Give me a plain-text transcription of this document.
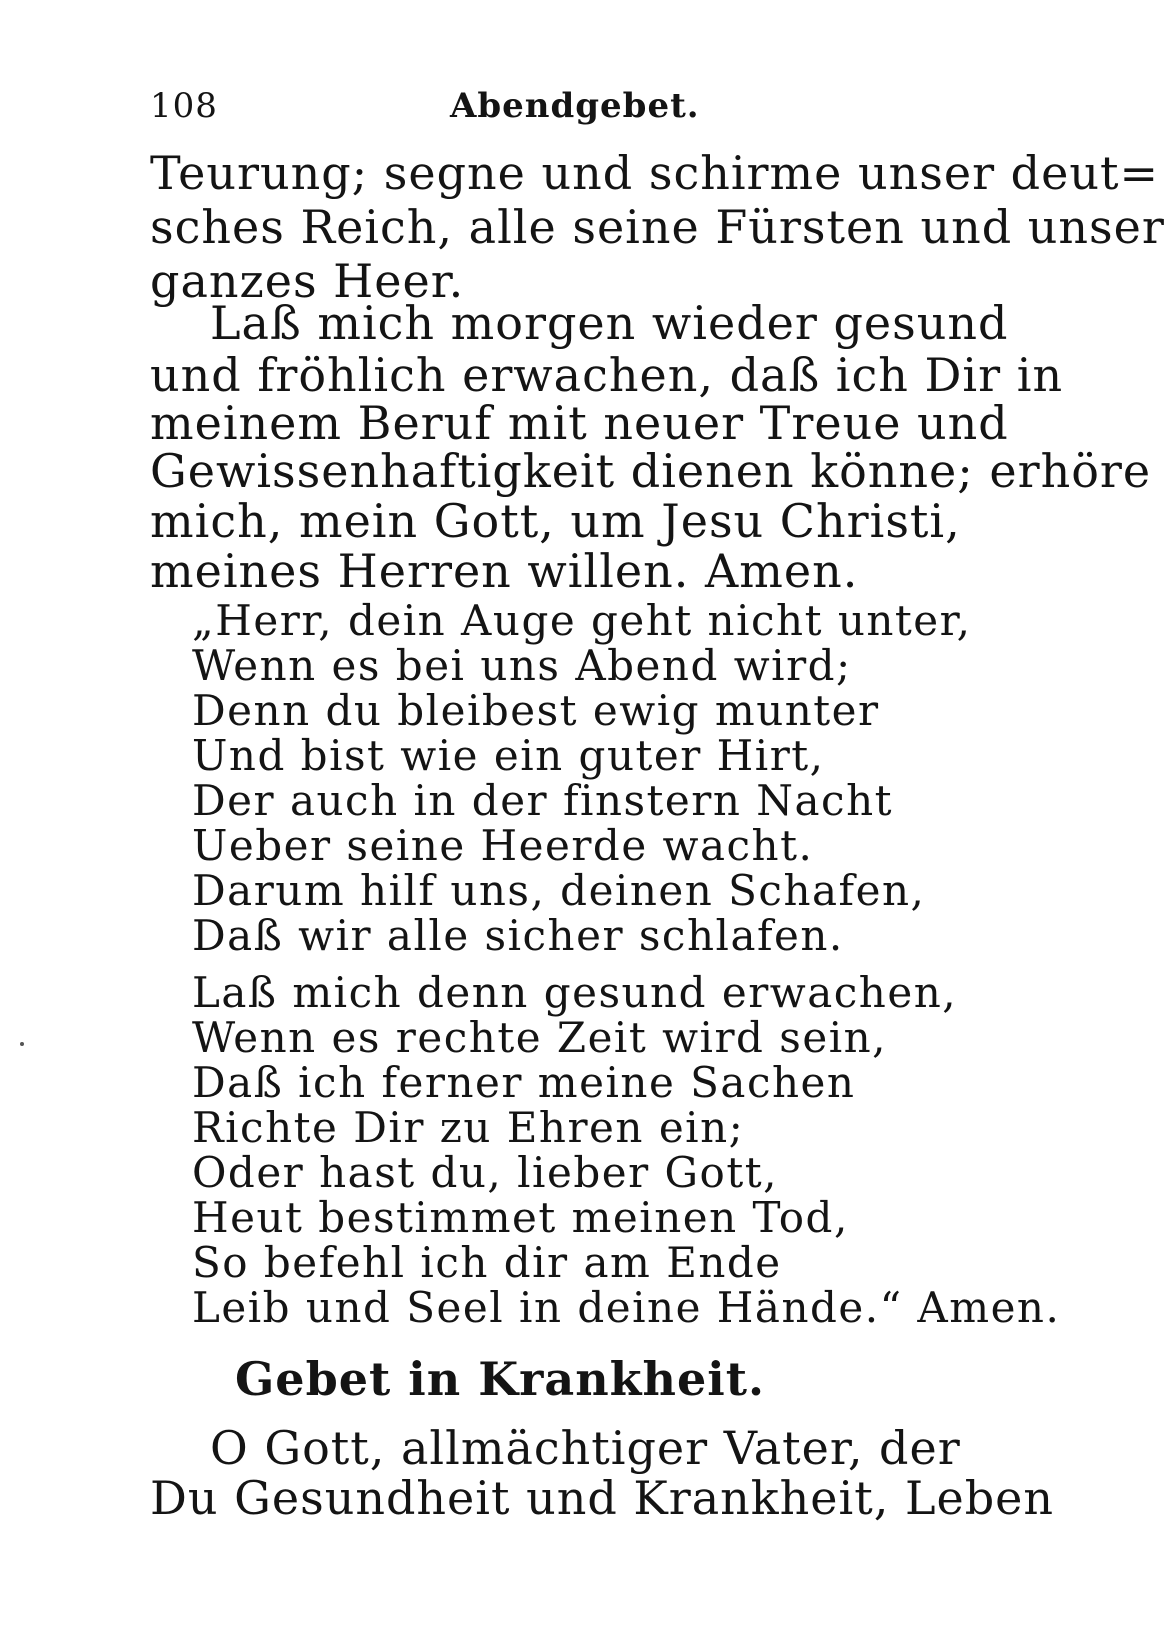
108	Abendgebet.
Teurung; segne und schirme unser deut=
sches Reich, alle seine Fürsten und unser
ganzes Heer.
Laß mich morgen wieder gesund
und fröhlich erwachen, daß ich Dir in
meinem Beruf mit neuer Treue und
Gewissenhaftigkeit dienen könne; erhöre
mich, mein Gott, um Jesu Christi,
meines Herren willen. Amen.
„Herr, dein Auge geht nicht unter,
Wenn es bei uns Abend wird;
Denn du bleibest ewig munter
Und bist wie ein guter Hirt,
Der auch in der finstern Nacht
Ueber seine Heerde wacht.
Darum hilf uns, deinen Schafen,
Daß wir alle sicher schlafen.
Laß mich denn gesund erwachen,
Wenn es rechte Zeit wird sein,
Daß ich ferner meine Sachen
Richte Dir zu Ehren ein;
Oder hast du, lieber Gott,
Heut bestimmet meinen Tod,
So befehl ich dir am Ende
Leib und Seel in deine Hände.“ Amen.
Gebet in Krankheit.
O Gott, allmächtiger Vater, der
Du Gesundheit und Krankheit, Leben
